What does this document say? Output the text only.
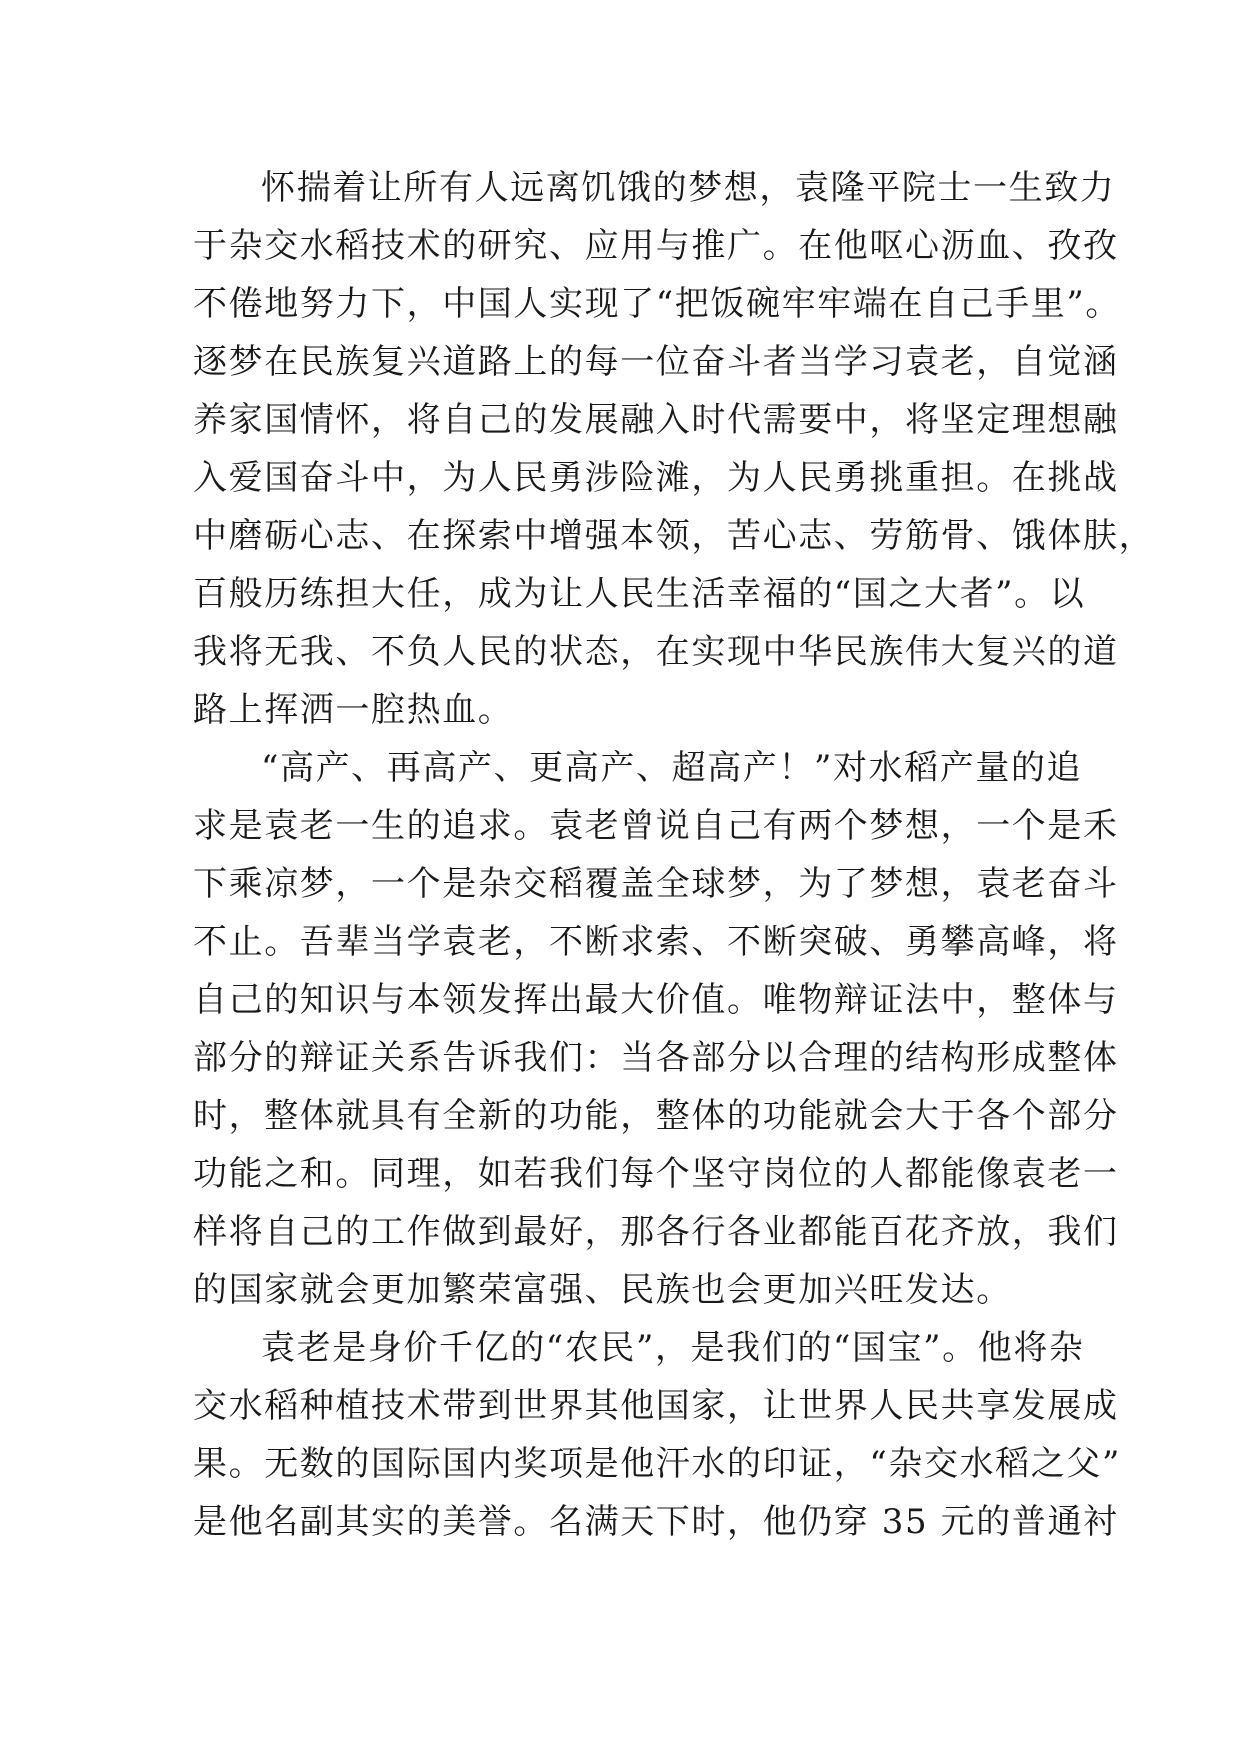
怀揣着让所有人远离饥饿的梦想，袁隆平院士一生致力
于杂交水稻技术的研究、应用与推广。在他呕心沥血、孜孜
不倦地努力下，中国人实现了“把饭碗牢牢端在自己手里”。
逐梦在民族复兴道路上的每一位奋斗者当学习袁老，自觉涵
养家国情怀，将自己的发展融入时代需要中，将坚定理想融
入爱国奋斗中，为人民勇涉险滩，为人民勇挑重担。在挑战
中磨砺心志、在探索中增强本领，苦心志、劳筋骨、饿体肤，
百般历练担大任，成为让人民生活幸福的“国之大者”。以
我将无我、不负人民的状态，在实现中华民族伟大复兴的道
路上挥洒一腔热血。
“高产、再高产、更高产、超高产！”对水稻产量的追
求是袁老一生的追求。袁老曾说自己有两个梦想，一个是禾
下乘凉梦，一个是杂交稻覆盖全球梦，为了梦想，袁老奋斗
不止。吾辈当学袁老，不断求索、不断突破、勇攀高峰，将
自己的知识与本领发挥出最大价值。唯物辩证法中，整体与
部分的辩证关系告诉我们：当各部分以合理的结构形成整体
时，整体就具有全新的功能，整体的功能就会大于各个部分
功能之和。同理，如若我们每个坚守岗位的人都能像袁老一
样将自己的工作做到最好，那各行各业都能百花齐放，我们
的国家就会更加繁荣富强、民族也会更加兴旺发达。
袁老是身价千亿的“农民”，是我们的“国宝”。他将杂
交水稻种植技术带到世界其他国家，让世界人民共享发展成
果。无数的国际国内奖项是他汗水的印证，“杂交水稻之父”
是他名副其实的美誉。名满天下时，他仍穿 35 元的普通衬
